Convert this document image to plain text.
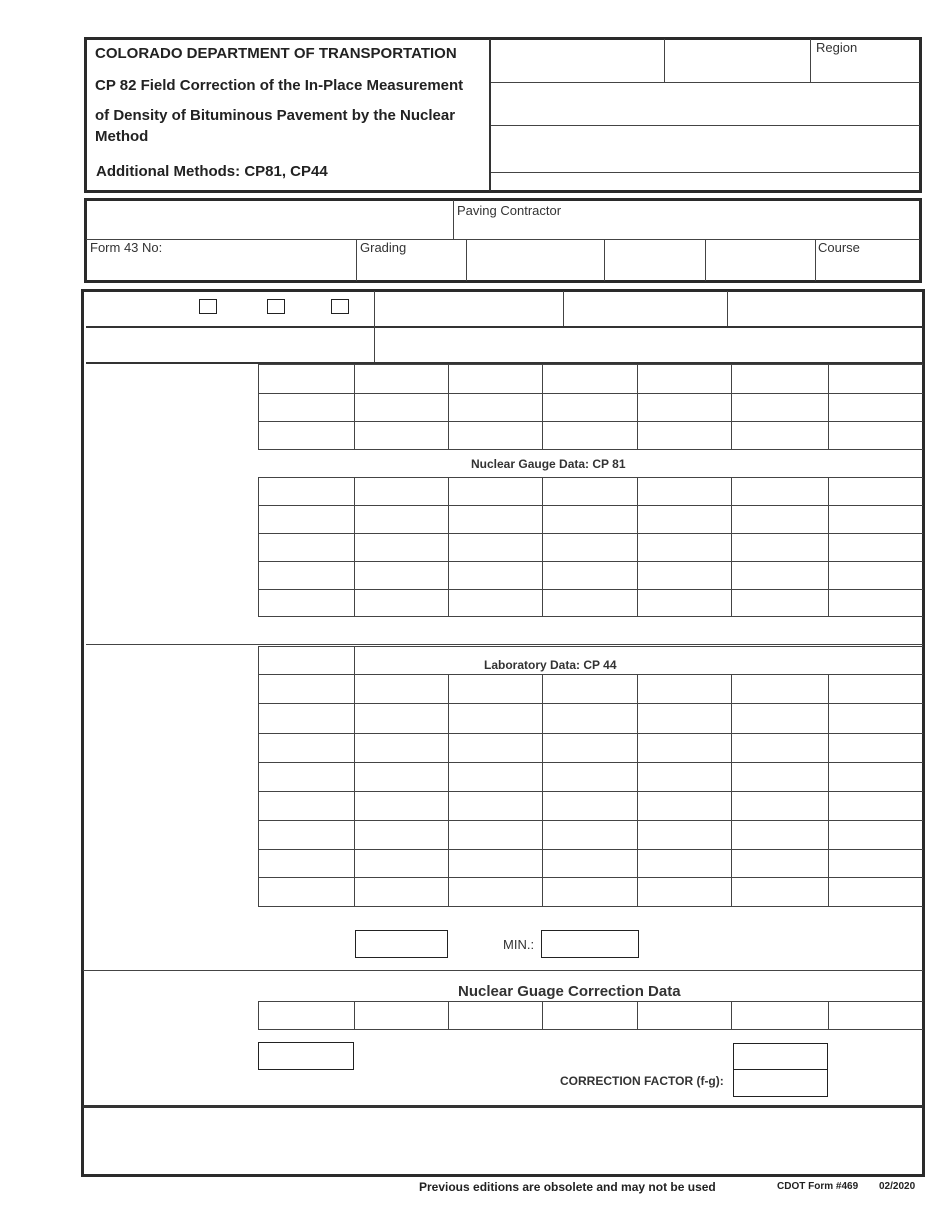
COLORADO DEPARTMENT OF TRANSPORTATION
CP 82 Field Correction of the In-Place Measurement
of Density of Bituminous Pavement by the Nuclear
Method
Additional Methods: CP81, CP44
Region
Paving Contractor
Form 43 No:	Grading	Course
Nuclear Gauge Data: CP 81
Laboratory Data: CP 44
MIN.:
Nuclear Guage Correction Data
CORRECTION FACTOR (f-g):
Previous editions are obsolete and may not be used	CDOT Form #469 02/2020
